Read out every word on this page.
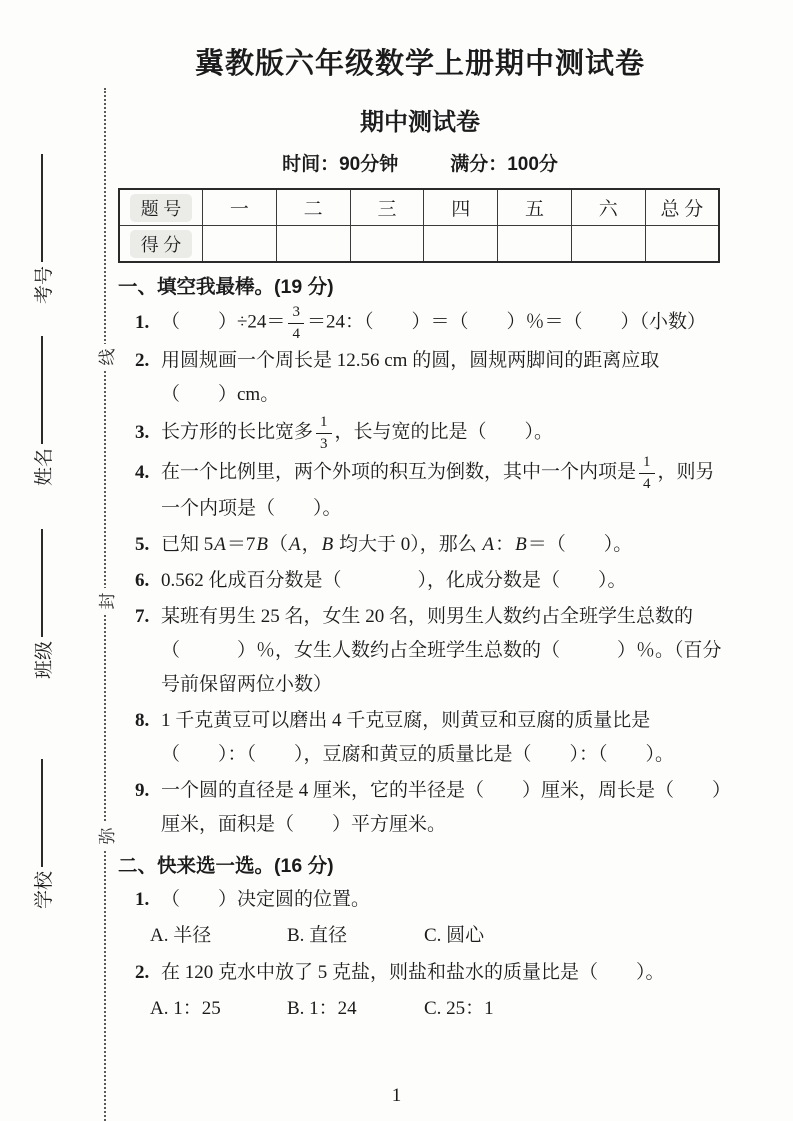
线
封
弥
考号
姓名
班级
学校
冀教版六年级数学上册期中测试卷
期中测试卷
时间：90分钟	满分：100分
题 号	一	二	三	四	五	六	总 分
得 分							
一、填空我最棒。(19 分)
1. （　　）$\div 24= \frac{3}{4} =24$：（　　）＝（　　）％＝（　　）（小数）
2. 用圆规画一个周长是 12.56 cm 的圆，圆规两脚间的距离应取（　　）cm。
3. 长方形的长比宽多 $\frac{1}{3}$ ，长与宽的比是（　　）。
4. 在一个比例里，两个外项的积互为倒数，其中一个内项是 $\frac{1}{4}$ ，则另一个内项是（　　）。
5. 已知 5A＝7B（A，B 均大于 0），那么 A：B＝（　　）。
6. 0.562 化成百分数是（　　　　），化成分数是（　　）。
7. 某班有男生 25 名，女生 20 名，则男生人数约占全班学生总数的（　　　）％，女生人数约占全班学生总数的（　　　）％。（百分号前保留两位小数）
8. 1 千克黄豆可以磨出 4 千克豆腐，则黄豆和豆腐的质量比是（　　）：（　　），豆腐和黄豆的质量比是（　　）：（　　）。
9. 一个圆的直径是 4 厘米，它的半径是（　　）厘米，周长是（　　）厘米，面积是（　　）平方厘米。
二、快来选一选。(16 分)
1. （　　）决定圆的位置。
A. 半径	B. 直径	C. 圆心
2. 在 120 克水中放了 5 克盐，则盐和盐水的质量比是（　　）。
A. 1：25	B. 1：24	C. 25：1
1
